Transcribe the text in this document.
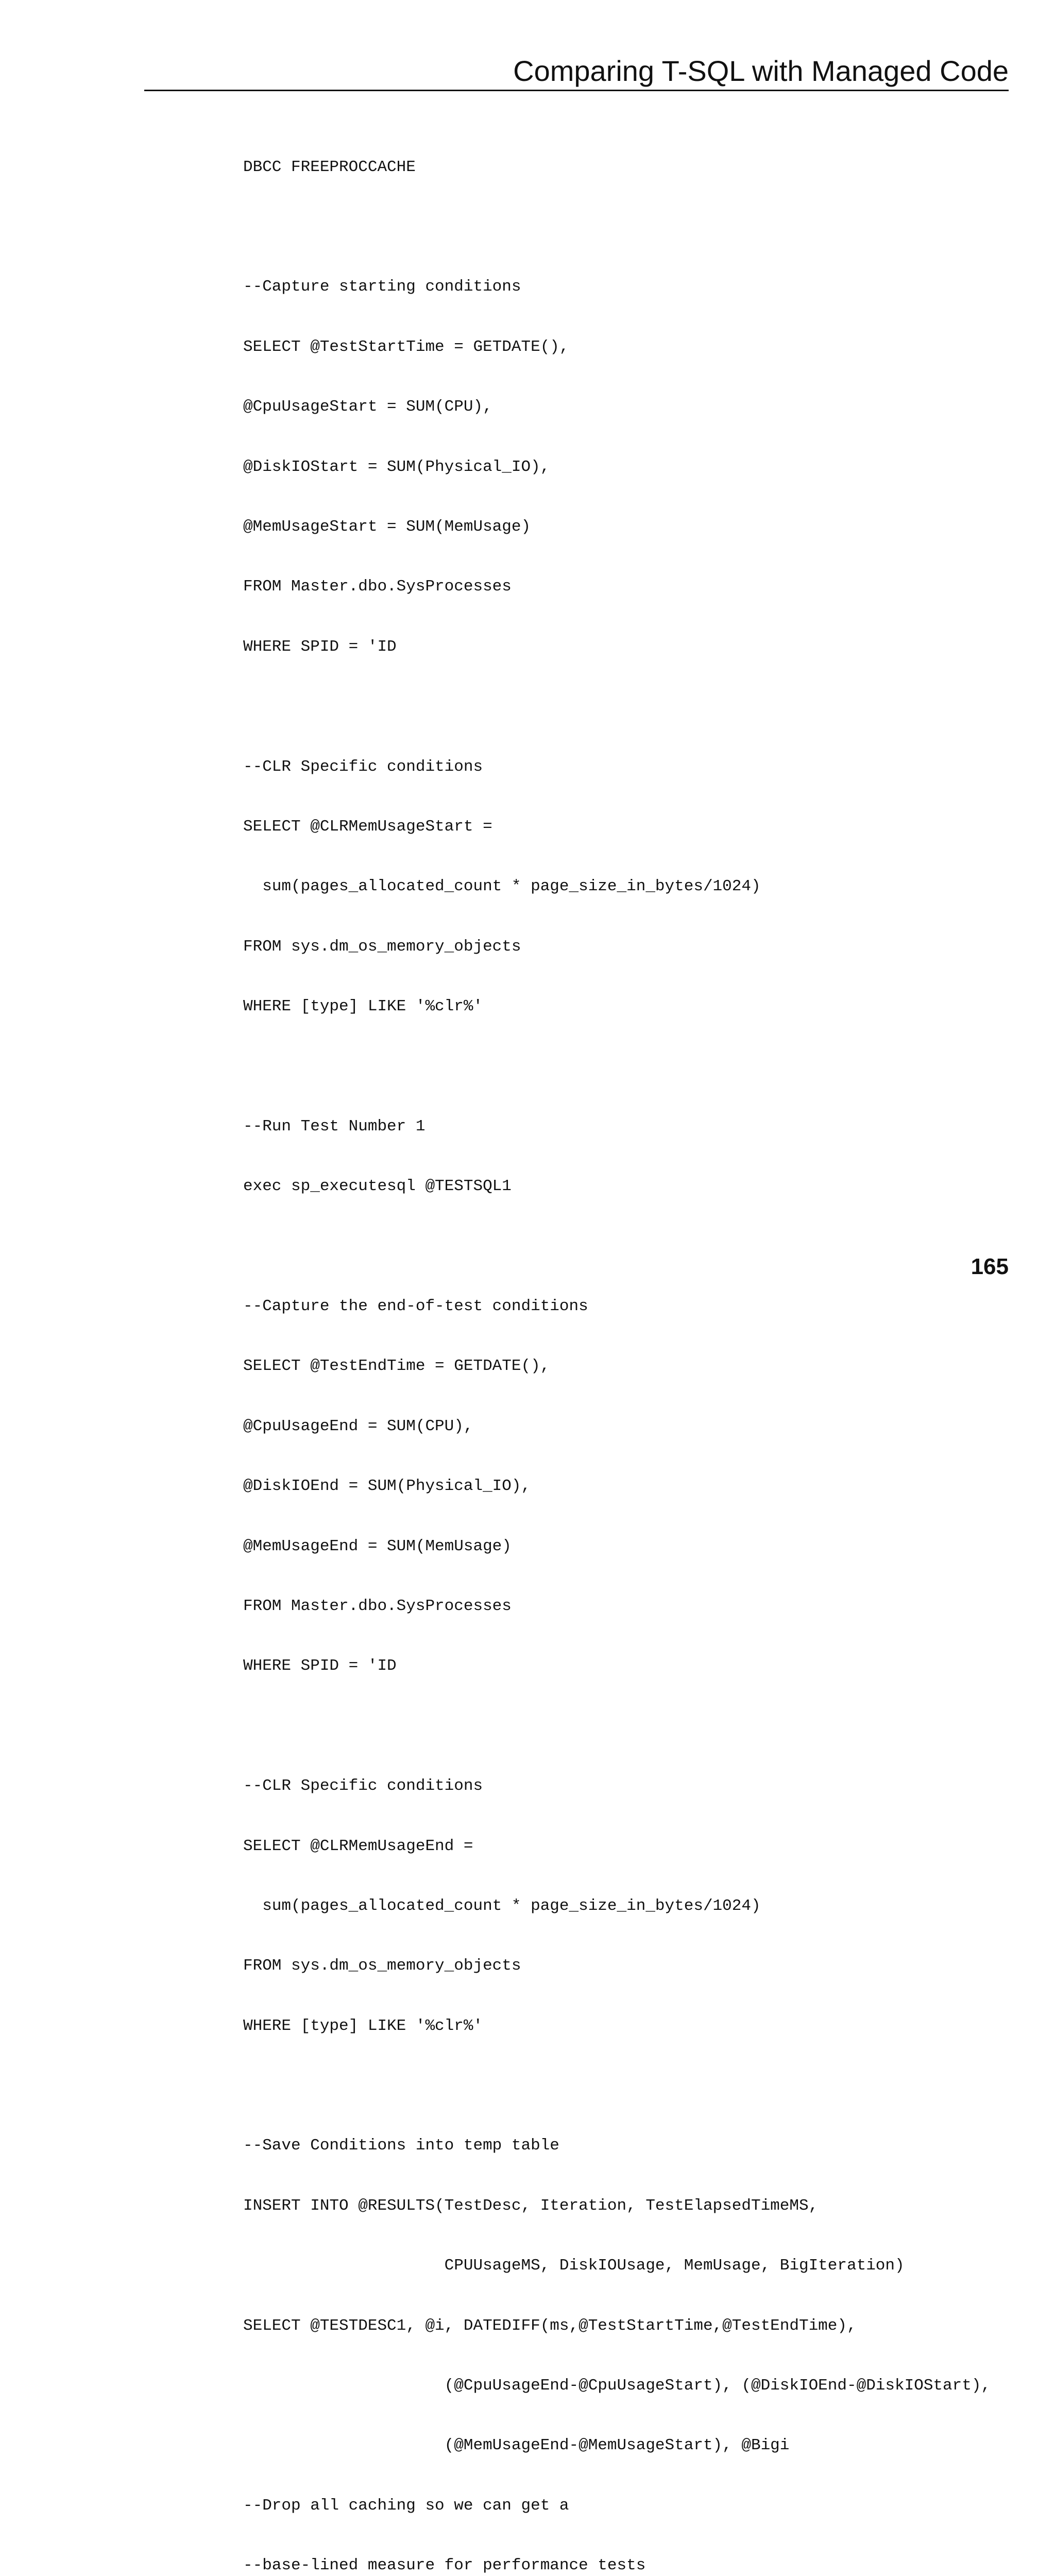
Comparing T-SQL with Managed Code

DBCC FREEPROCCACHE

--Capture starting conditions

SELECT @TestStartTime = GETDATE(),

@CpuUsageStart = SUM(CPU),

@DiskIOStart = SUM(Physical_IO),

@MemUsageStart = SUM(MemUsage)

FROM Master.dbo.SysProcesses

WHERE SPID = 'ID

--CLR Specific conditions

SELECT @CLRMemUsageStart =

sum(pages_allocated_count * page_size_in_bytes/1024)

FROM sys.dm_os_memory_objects

WHERE [type] LIKE '%clr%'

--Run Test Number 1

exec sp_executesql @TESTSQL1

--Capture the end-of-test conditions

SELECT @TestEndTime = GETDATE(),

@CpuUsageEnd = SUM(CPU),

@DiskIOEnd = SUM(Physical_IO),

@MemUsageEnd = SUM(MemUsage)

FROM Master.dbo.SysProcesses

WHERE SPID = 'ID

--CLR Specific conditions

SELECT @CLRMemUsageEnd =

sum(pages_allocated_count * page_size_in_bytes/1024)

FROM sys.dm_os_memory_objects

WHERE [type] LIKE '%clr%'

--Save Conditions into temp table

INSERT INTO @RESULTS(TestDesc, Iteration, TestElapsedTimeMS,

CPUUsageMS, DiskIOUsage, MemUsage, BigIteration)

SELECT @TESTDESC1, @i, DATEDIFF(ms,@TestStartTime,@TestEndTime),

(@CpuUsageEnd-@CpuUsageStart), (@DiskIOEnd-@DiskIOStart),

(@MemUsageEnd-@MemUsageStart), @Bigi

--Drop all caching so we can get a

--base-lined measure for performance tests

165
